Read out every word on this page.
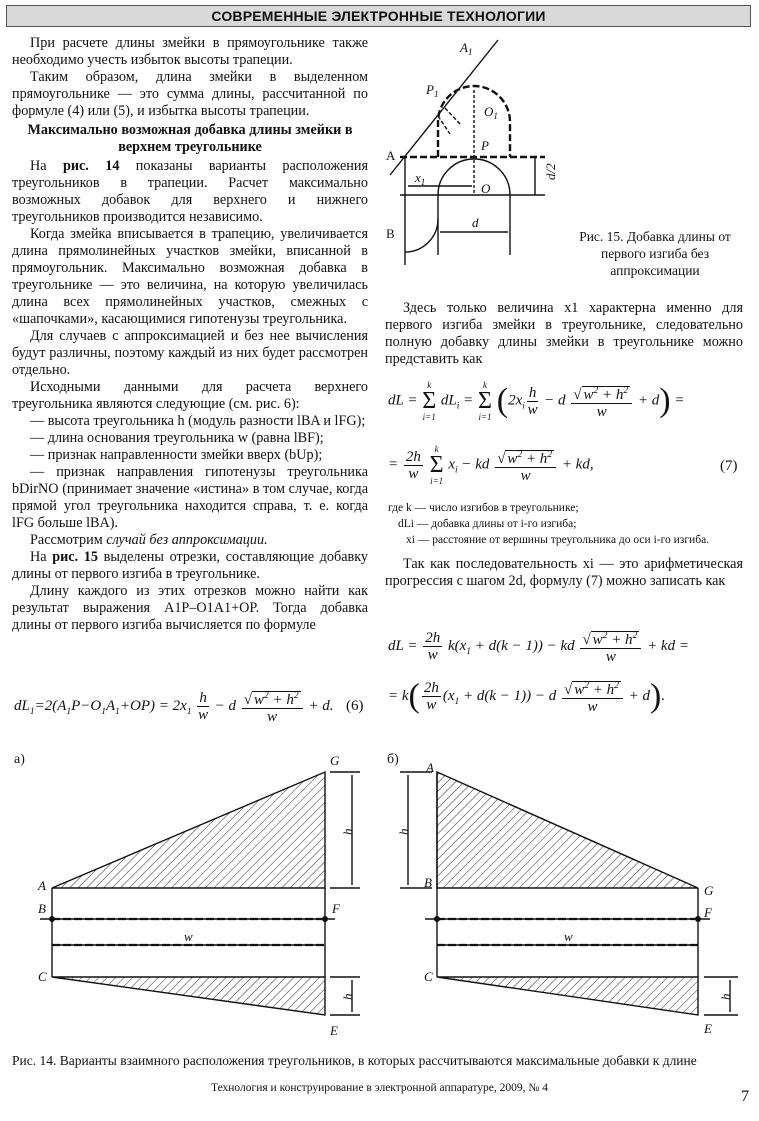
СОВРЕМЕННЫЕ ЭЛЕКТРОННЫЕ ТЕХНОЛОГИИ

При расчете длины змейки в прямоугольнике также необходимо учесть избыток высоты трапеции.

Таким образом, длина змейки в выделенном прямоугольнике — это сумма длины, рассчитанной по формуле (4) или (5), и избытка высоты трапеции.

Максимально возможная добавка длины змейки в верхнем треугольнике

На рис. 14 показаны варианты расположения треугольников в трапеции. Расчет максимально возможных добавок для верхнего и нижнего треугольников производится независимо.

Когда змейка вписывается в трапецию, увеличивается длина прямолинейных участков змейки, вписанной в прямоугольник. Максимально возможная добавка в треугольнике — это величина, на которую увеличилась длина всех прямолинейных участков, смежных с «шапочками», касающимися гипотенузы треугольника.

Для случаев с аппроксимацией и без нее вычисления будут различны, поэтому каждый из них будет рассмотрен отдельно.

Исходными данными для расчета верхнего треугольника являются следующие (см. рис. 6):

— высота треугольника h (модуль разности lBA и lFG);

— длина основания треугольника w (равна lBF);

— признак направленности змейки вверх (bUp);

— признак направления гипотенузы треугольника bDirNO (принимает значение «истина» в том случае, когда прямой угол треугольника находится справа, т. е. когда lFG больше lBA).

Рассмотрим случай без аппроксимации.

На рис. 15 выделены отрезки, составляющие добавку длины от первого изгиба в треугольнике.

Длину каждого из этих отрезков можно найти как результат выражения A1P–O1A1+OP. Тогда добавка длины от первого изгиба вычисляется по формуле

$dL_1=2(A_1P-O_1A_1+OP) = 2x_1 \frac{h}{w} - d \frac{√ w^2 + h^2}{w} + d$. (6)
$A_1$
$P_1$
$O_1$
P
O
A
B
$x_1$
d
d/2
Рис. 15. Добавка длины от первого изгиба без аппроксимации

Здесь только величина x1 характерна именно для первого изгиба змейки в треугольнике, следовательно полную добавку длины змейки в треугольнике можно представить как

dL =
k
Σ
i=1
$dL_i$ =
k
Σ
i=1 $(2x_i \frac{h}{w} - d \frac{√ w^2 + h^2}{w} + d)$ =
= $\frac{2h}{w}$
	k
Σ
i=1
$x_i$ − kd $\frac{√ w^2 + h^2}{w}$ + kd,	(7)

где k — число изгибов в треугольнике;

dLi — добавка длины от i-го изгиба;

xi — расстояние от вершины треугольника до оси i-го изгиба.

Так как последовательность xi — это арифметическая прогрессия с шагом 2d, формулу (7) можно записать как

dL = $\frac{2h}{w} k(x_1 + d(k - 1))$ − kd $\frac{√ w^2 + h^2}{w}$ + kd =
= $k( \frac{2h}{w} (x_1 + d(k - 1)) - d \frac{√ w^2 + h^2}{w} + d)$.
а)	б)
G
A
B	F
C
E
h
h
w
A
B
G
F
C
E
h
h
w
Рис. 14. Варианты взаимного расположения треугольников, в которых рассчитываются максимальные добавки к длине
Технология и конструирование в электронной аппаратуре, 2009, № 4	7
